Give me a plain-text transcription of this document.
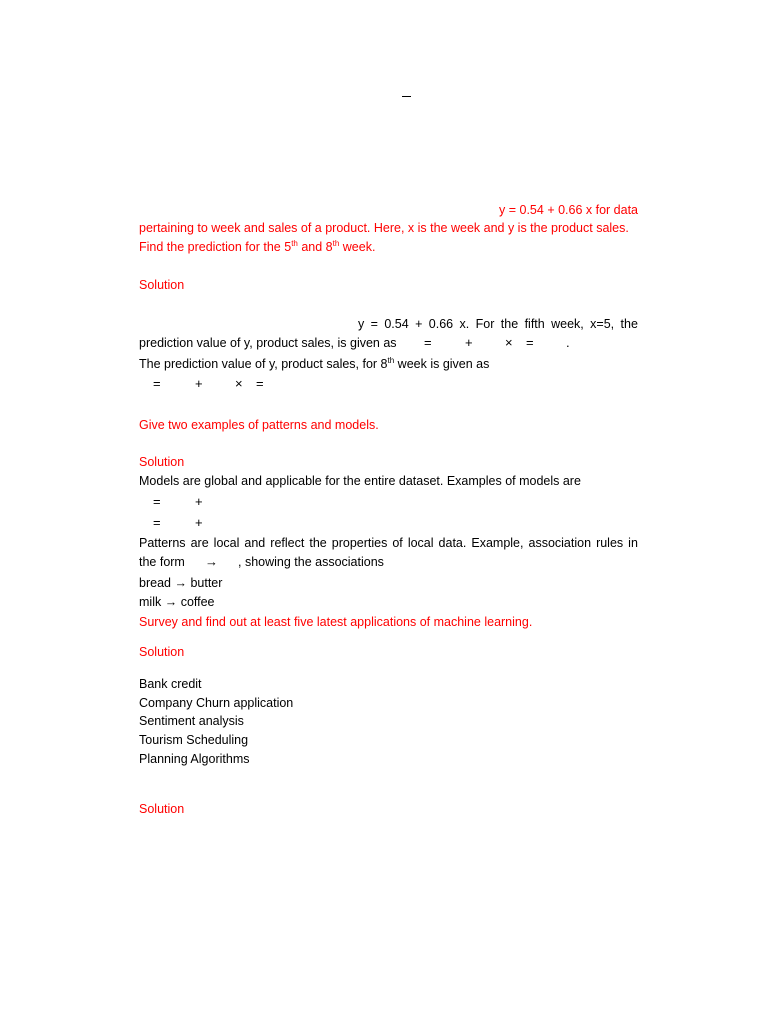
y = 0.54 + 0.66 x for data
pertaining to week and sales of a product. Here, x is the week and y is the product sales.
Find the prediction for the 5th and 8th week.
Solution
y = 0.54 + 0.66 x. For the fifth week, x=5, the
prediction value of y, product sales, is given as =	+ × = .
The prediction value of y, product sales, for 8th week is given as
=	+ × =
Give two examples of patterns and models.
Solution
Models are global and applicable for the entire dataset. Examples of models are
=	+
=	+
Patterns are local and reflect the properties of local data. Example, association rules in
the form → , showing the associations
bread → butter
milk → coffee
Survey and find out at least five latest applications of machine learning.
Solution
Bank credit
Company Churn application
Sentiment analysis
Tourism Scheduling
Planning Algorithms
Solution
